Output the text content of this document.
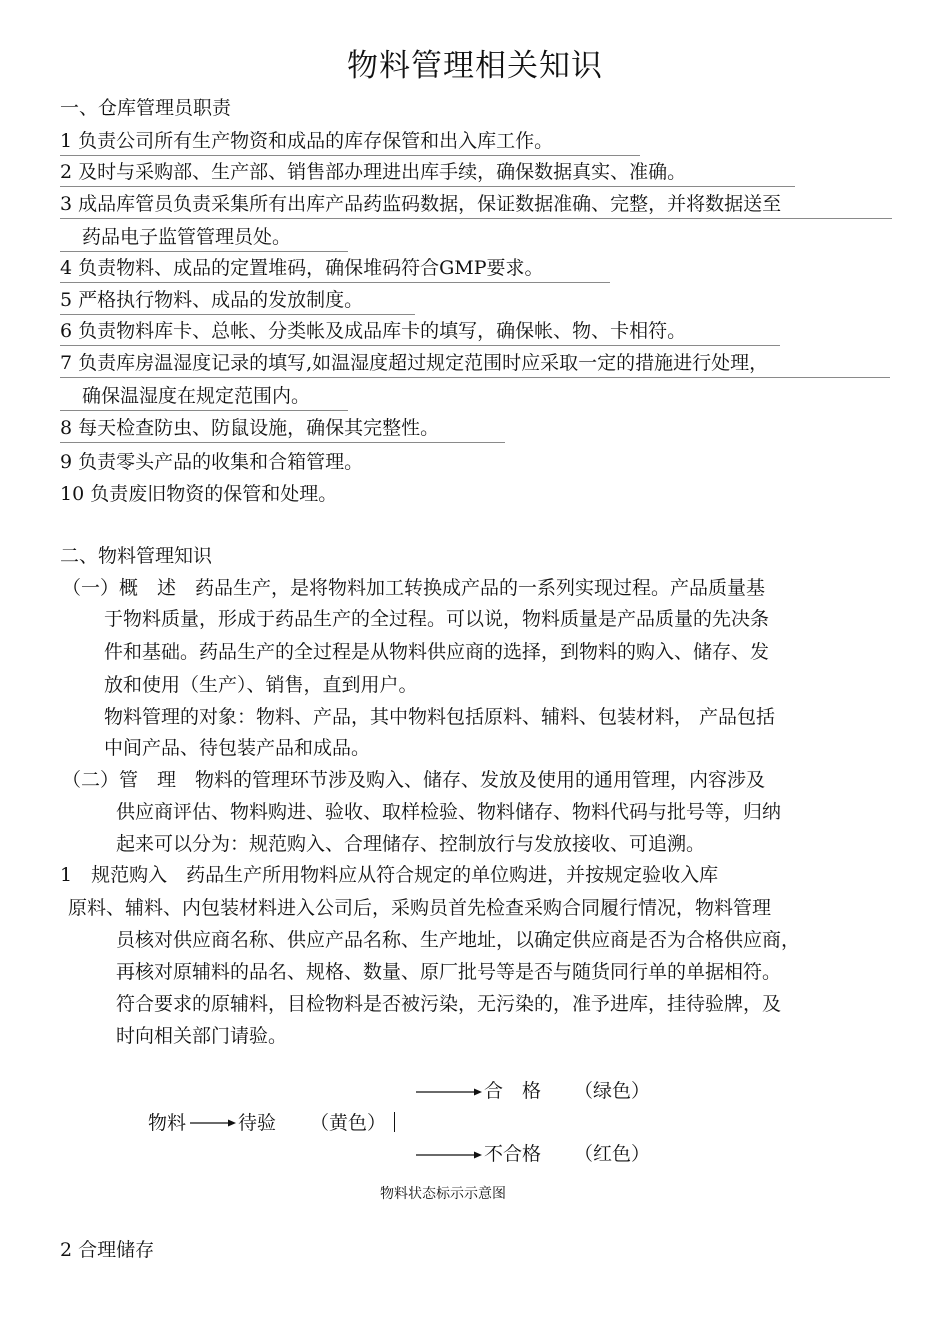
物料管理相关知识
一、仓库管理员职责
1 负责公司所有生产物资和成品的库存保管和出入库工作。
2 及时与采购部、生产部、销售部办理进出库手续，确保数据真实、准确。
3 成品库管员负责采集所有出库产品药监码数据，保证数据准确、完整，并将数据送至
药品电子监管管理员处。
4 负责物料、成品的定置堆码，确保堆码符合GMP要求。
5 严格执行物料、成品的发放制度。
6 负责物料库卡、总帐、分类帐及成品库卡的填写，确保帐、物、卡相符。
7 负责库房温湿度记录的填写,如温湿度超过规定范围时应采取一定的措施进行处理，
确保温湿度在规定范围内。
8 每天检查防虫、防鼠设施，确保其完整性。
9 负责零头产品的收集和合箱管理。
10 负责废旧物资的保管和处理。
二、物料管理知识
（一）概　述　药品生产，是将物料加工转换成产品的一系列实现过程。产品质量基
于物料质量，形成于药品生产的全过程。可以说，物料质量是产品质量的先决条
件和基础。药品生产的全过程是从物料供应商的选择，到物料的购入、储存、发
放和使用（生产）、销售，直到用户。
物料管理的对象：物料、产品，其中物料包括原料、辅料、包装材料， 产品包括
中间产品、待包装产品和成品。
（二）管　理　物料的管理环节涉及购入、储存、发放及使用的通用管理，内容涉及
供应商评估、物料购进、验收、取样检验、物料储存、物料代码与批号等，归纳
起来可以分为：规范购入、合理储存、控制放行与发放接收、可追溯。
1　规范购入　药品生产所用物料应从符合规定的单位购进，并按规定验收入库
原料、辅料、内包装材料进入公司后，采购员首先检查采购合同履行情况，物料管理
员核对供应商名称、供应产品名称、生产地址，以确定供应商是否为合格供应商，
再核对原辅料的品名、规格、数量、原厂批号等是否与随货同行单的单据相符。
符合要求的原辅料，目检物料是否被污染，无污染的，准予进库，挂待验牌，及
时向相关部门请验。
合　格 （绿色）
物料	待验 （黄色）
不合格 （红色）
物料状态标示示意图
2 合理储存
